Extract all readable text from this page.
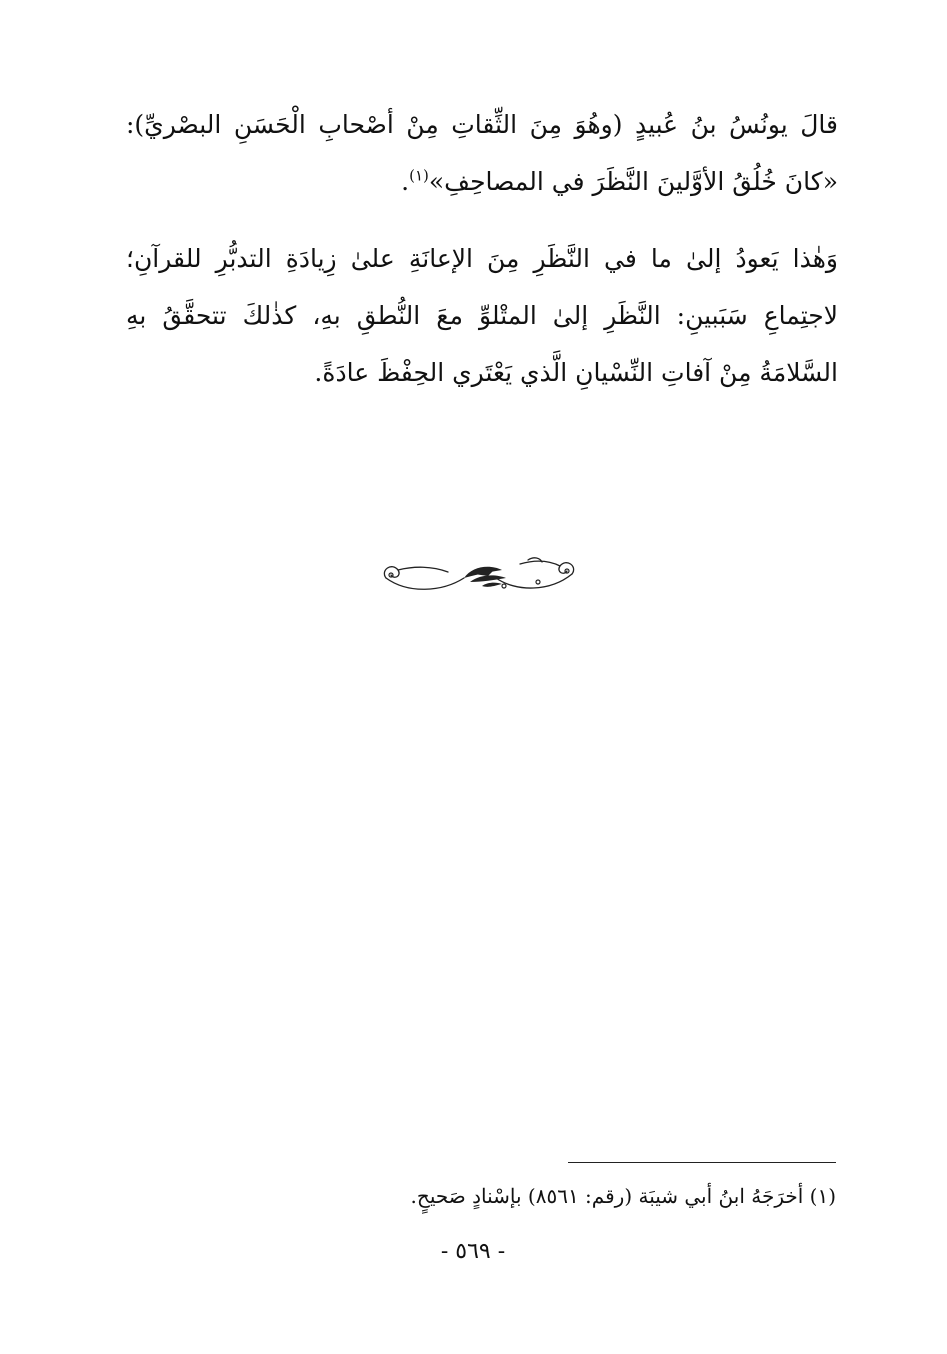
قالَ يونُسُ بنُ عُبيدٍ (وهُوَ مِنَ الثِّقاتِ مِنْ أصْحابِ الْحَسَنِ البصْريِّ): «كانَ خُلُقُ الأوَّلينَ النَّظَرَ في المصاحِفِ»$^{(١)}$.

وَهٰذا يَعودُ إلىٰ ما في النَّظَرِ مِنَ الإعانَةِ علىٰ زِيادَةِ التدبُّرِ للقرآنِ؛ لاجتِماعِ سَبَبينِ: النَّظَرِ إلىٰ المتْلوِّ معَ النُّطقِ بهِ، كذٰلكَ تتحقَّقُ بهِ السَّلامَةُ مِنْ آفاتِ النِّسْيانِ الَّذي يَعْتَري الحِفْظَ عادَةً.

(١) أخرَجَهُ ابنُ أبي شيبَة (رقم: ٨٥٦١) بإسْنادٍ صَحيحٍ.

- ٥٦٩ -
